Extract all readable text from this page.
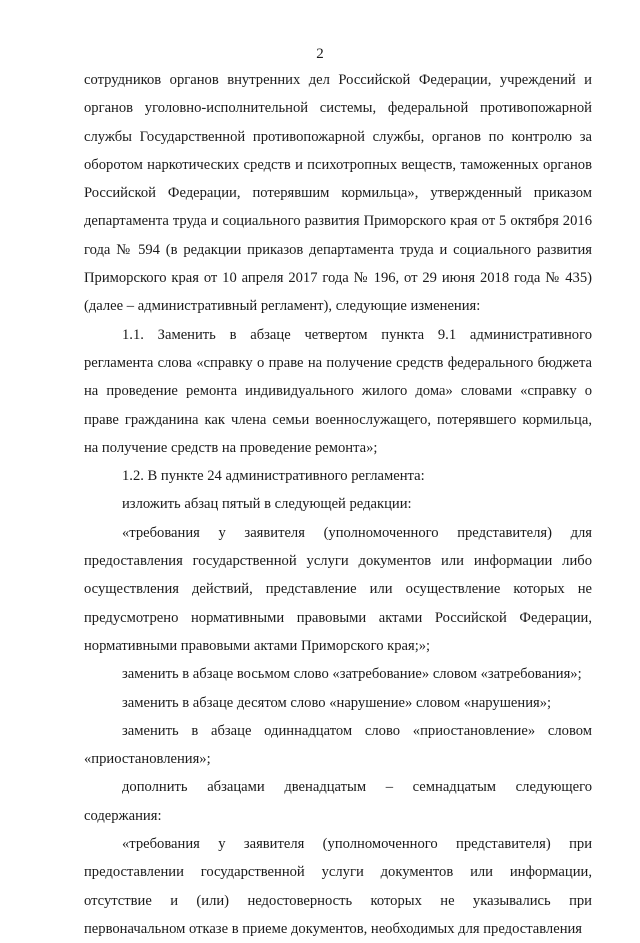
2

сотрудников органов внутренних дел Российской Федерации, учреждений и органов уголовно-исполнительной системы, федеральной противопожарной службы Государственной противопожарной службы, органов по контролю за оборотом наркотических средств и психотропных веществ, таможенных органов Российской Федерации, потерявшим кормильца», утвержденный приказом департамента труда и социального развития Приморского края от 5 октября 2016 года № 594 (в редакции приказов департамента труда и социального развития Приморского края от 10 апреля 2017 года № 196, от 29 июня 2018 года № 435) (далее – административный регламент), следующие изменения:

1.1. Заменить в абзаце четвертом пункта 9.1 административного регламента слова «справку о праве на получение средств федерального бюджета на проведение ремонта индивидуального жилого дома» словами «справку о праве гражданина как члена семьи военнослужащего, потерявшего кормильца, на получение средств на проведение ремонта»;

1.2. В пункте 24 административного регламента:

изложить абзац пятый в следующей редакции:

«требования у заявителя (уполномоченного представителя) для предоставления государственной услуги документов или информации либо осуществления действий, представление или осуществление которых не предусмотрено нормативными правовыми актами Российской Федерации, нормативными правовыми актами Приморского края;»;

заменить в абзаце восьмом слово «затребование» словом «затребования»;

заменить в абзаце десятом слово «нарушение» словом «нарушения»;

заменить в абзаце одиннадцатом слово «приостановление» словом «приостановления»;

дополнить абзацами двенадцатым – семнадцатым следующего содержания:

«требования у заявителя (уполномоченного представителя) при предоставлении государственной услуги документов или информации, отсутствие и (или) недостоверность которых не указывались при первоначальном отказе в приеме документов, необходимых для предоставления
